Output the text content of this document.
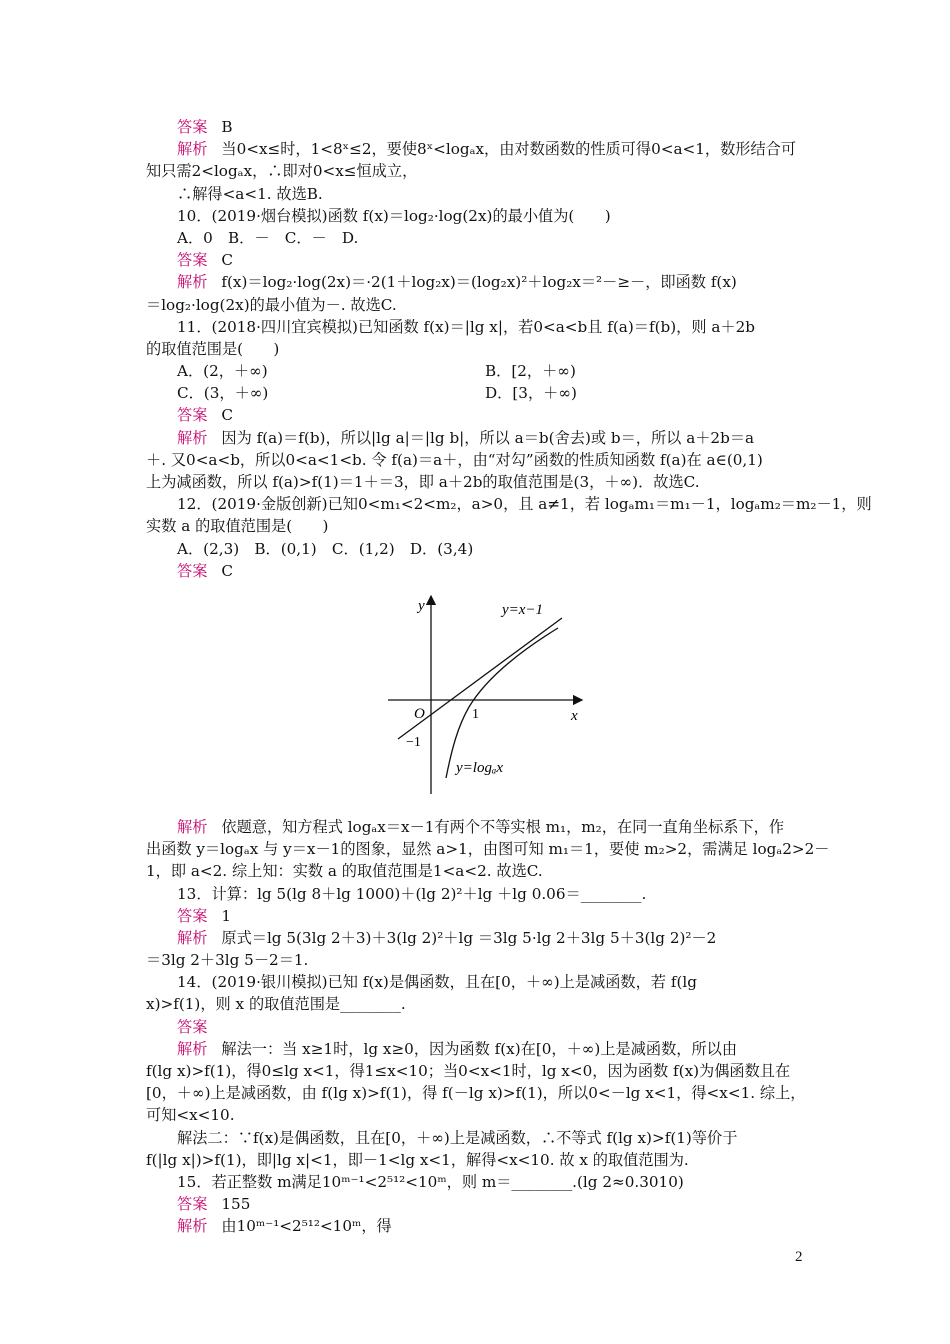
答案 B
解析 当0<x≤时，1<8ˣ≤2，要使8ˣ<logₐx，由对数函数的性质可得0<a<1，数形结合可
知只需2<logₐx，∴即对0<x≤恒成立，
∴解得<a<1. 故选B.
10．(2019·烟台模拟)函数 f(x)＝log₂·log(2x)的最小值为(　　)
A．0　B．－　C．－　D.
答案 C
解析 f(x)＝log₂·log(2x)＝·2(1＋log₂x)＝(log₂x)²＋log₂x＝²－≥－，即函数 f(x)
＝log₂·log(2x)的最小值为－. 故选C.
11．(2018·四川宜宾模拟)已知函数 f(x)＝|lg x|，若0<a<b且 f(a)＝f(b)，则 a＋2b
的取值范围是(　　)
A．(2，＋∞)	B．[2，＋∞)
C．(3，＋∞)	D．[3，＋∞)
答案 C
解析 因为 f(a)＝f(b)，所以|lg a|＝|lg b|，所以 a＝b(舍去)或 b＝，所以 a＋2b＝a
＋. 又0<a<b，所以0<a<1<b. 令 f(a)＝a＋，由“对勾”函数的性质知函数 f(a)在 a∈(0,1)
上为减函数，所以 f(a)>f(1)＝1＋＝3，即 a＋2b的取值范围是(3，＋∞)．故选C.
12．(2019·金版创新)已知0<m₁<2<m₂，a>0，且 a≠1，若 logₐm₁＝m₁－1，logₐm₂＝m₂－1，则
实数 a 的取值范围是(　　)
A．(2,3)　B．(0,1)　C．(1,2)　D．(3,4)
答案 C
y
x
O	1
−1
y=x−1
y=logₐx
解析 依题意，知方程式 logₐx＝x－1有两个不等实根 m₁，m₂，在同一直角坐标系下，作
出函数 y＝logₐx 与 y＝x－1的图象，显然 a>1，由图可知 m₁＝1，要使 m₂>2，需满足 logₐ2>2－
1，即 a<2. 综上知：实数 a 的取值范围是1<a<2. 故选C.
13．计算：lg 5(lg 8＋lg 1000)＋(lg 2)²＋lg ＋lg 0.06＝________.
答案 1
解析 原式＝lg 5(3lg 2＋3)＋3(lg 2)²＋lg ＝3lg 5·lg 2＋3lg 5＋3(lg 2)²－2
＝3lg 2＋3lg 5－2＝1.
14．(2019·银川模拟)已知 f(x)是偶函数，且在[0，＋∞)上是减函数，若 f(lg
x)>f(1)，则 x 的取值范围是________.
答案
解析 解法一：当 x≥1时，lg x≥0，因为函数 f(x)在[0，＋∞)上是减函数，所以由
f(lg x)>f(1)，得0≤lg x<1，得1≤x<10；当0<x<1时，lg x<0，因为函数 f(x)为偶函数且在
[0，＋∞)上是减函数，由 f(lg x)>f(1)，得 f(－lg x)>f(1)，所以0<－lg x<1，得<x<1. 综上，
可知<x<10.
解法二：∵f(x)是偶函数，且在[0，＋∞)上是减函数，∴不等式 f(lg x)>f(1)等价于
f(|lg x|)>f(1)，即|lg x|<1，即－1<lg x<1，解得<x<10. 故 x 的取值范围为.
15．若正整数 m满足10ᵐ⁻¹<2⁵¹²<10ᵐ，则 m＝________.(lg 2≈0.3010)
答案 155
解析 由10ᵐ⁻¹<2⁵¹²<10ᵐ，得
2
